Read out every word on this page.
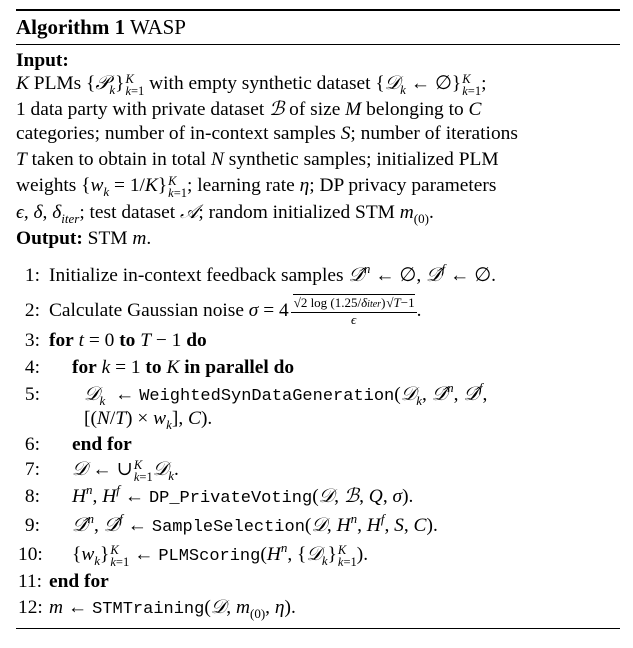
Algorithm 1 WASP
Input:
K PLMs {𝒫$_k$} K
k=1 with empty synthetic dataset {𝒟$_k$ ← ∅} K
k=1 ;
1 data party with private dataset ℬ of size M belonging to C
categories; number of in-context samples S; number of iterations
T taken to obtain in total N synthetic samples; initialized PLM
weights $\{w_k = 1/K\}$ K
k=1 ; learning rate η; DP privacy parameters
ϵ, δ, $\delta_{iter}$; test dataset 𝒜; random initialized STM $m_{(0)}$.
Output: STM m.
1: Initialize in-context feedback samples 𝒟̂$^n$ ← ∅, 𝒟̂$^f$ ← ∅.
2: Calculate Gaussian noise $\sigma = 4 \frac{\text{√2 log (1.25/δiter)√T−1}}{\epsilon}$ .
3: for t = 0 to T − 1 do
4: for k = 1 to K in parallel do
5: 𝒟$_k$  ← WeightedSynDataGeneration(𝒟$_k$, 𝒟̂$^n$, 𝒟̂$^f$,
$[(N/T) \times w_k]$, C).
6: end for
7: 𝒟 ← ∪ K
k=1 𝒟$_k$.
8: $H^n$, $H^f$ ← DP_PrivateVoting(𝒟, ℬ, Q, σ).
9: 𝒟̂$^n$, 𝒟̂$^f$ ← SampleSelection(𝒟, $H^n$, $H^f$, S, C).
10: $\{w_k\}$ K
k=1 ← $PLMScoring(H^n$, {𝒟$_k$} K
k=1 ).
11: end for
12: m ← STMTraining(𝒟, $m_{(0)}$, η).
